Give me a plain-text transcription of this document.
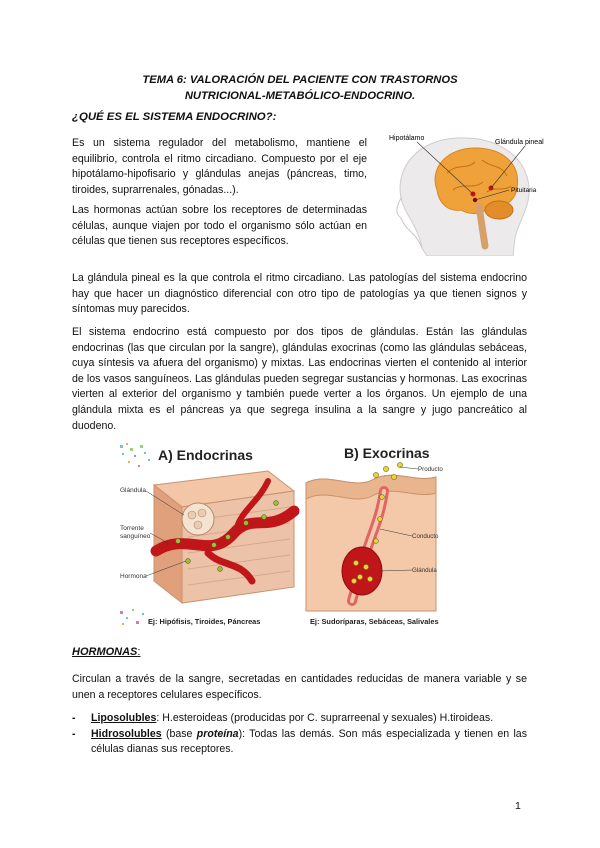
TEMA 6: VALORACIÓN DEL PACIENTE CON TRASTORNOS
NUTRICIONAL-METABÓLICO-ENDOCRINO.
¿QUÉ ES EL SISTEMA ENDOCRINO?:

Es un sistema regulador del metabolismo, mantiene el equilibrio, controla el ritmo circadiano. Compuesto por el eje hipotálamo-hipofisario y glándulas anejas (páncreas, timo, tiroides, suprarrenales, gónadas...).

Las hormonas actúan sobre los receptores de determinadas células, aunque viajen por todo el organismo sólo actúan en células que tienen sus receptores específicos.

Hipotálamo
Glándula pineal
Pituitaria

La glándula pineal es la que controla el ritmo circadiano. Las patologías del sistema endocrino hay que hacer un diagnóstico diferencial con otro tipo de patologías ya que tienen signos y síntomas muy parecidos.

El sistema endocrino está compuesto por dos tipos de glándulas. Están las glándulas endocrinas (las que circulan por la sangre), glándulas exocrinas (como las glándulas sebáceas, cuya síntesis va afuera del organismo) y mixtas. Las endocrinas vierten el contenido al interior de los vasos sanguíneos. Las glándulas pueden segregar sustancias y hormonas. Las exocrinas vierten al exterior del organismo y también puede verter a los órganos. Un ejemplo de una glándula mixta es el páncreas ya que segrega insulina a la sangre y jugo pancreático al duodeno.

A) Endocrinas	B) Exocrinas
Glándula
Torrente
sanguíneo
Hormona
Ej: Hipófisis, Tiroides, Páncreas
Producto
Conducto
Glándula
Ej: Sudoríparas, Sebáceas, Salivales
HORMONAS:

Circulan a través de la sangre, secretadas en cantidades reducidas de manera variable y se unen a receptores celulares específicos.

- Liposolubles: H.esteroideas (producidas por C. suprarreenal y sexuales) H.tiroideas.
- Hidrosolubles (base proteína): Todas las demás. Son más especializada y tienen en las células dianas sus receptores.
1
